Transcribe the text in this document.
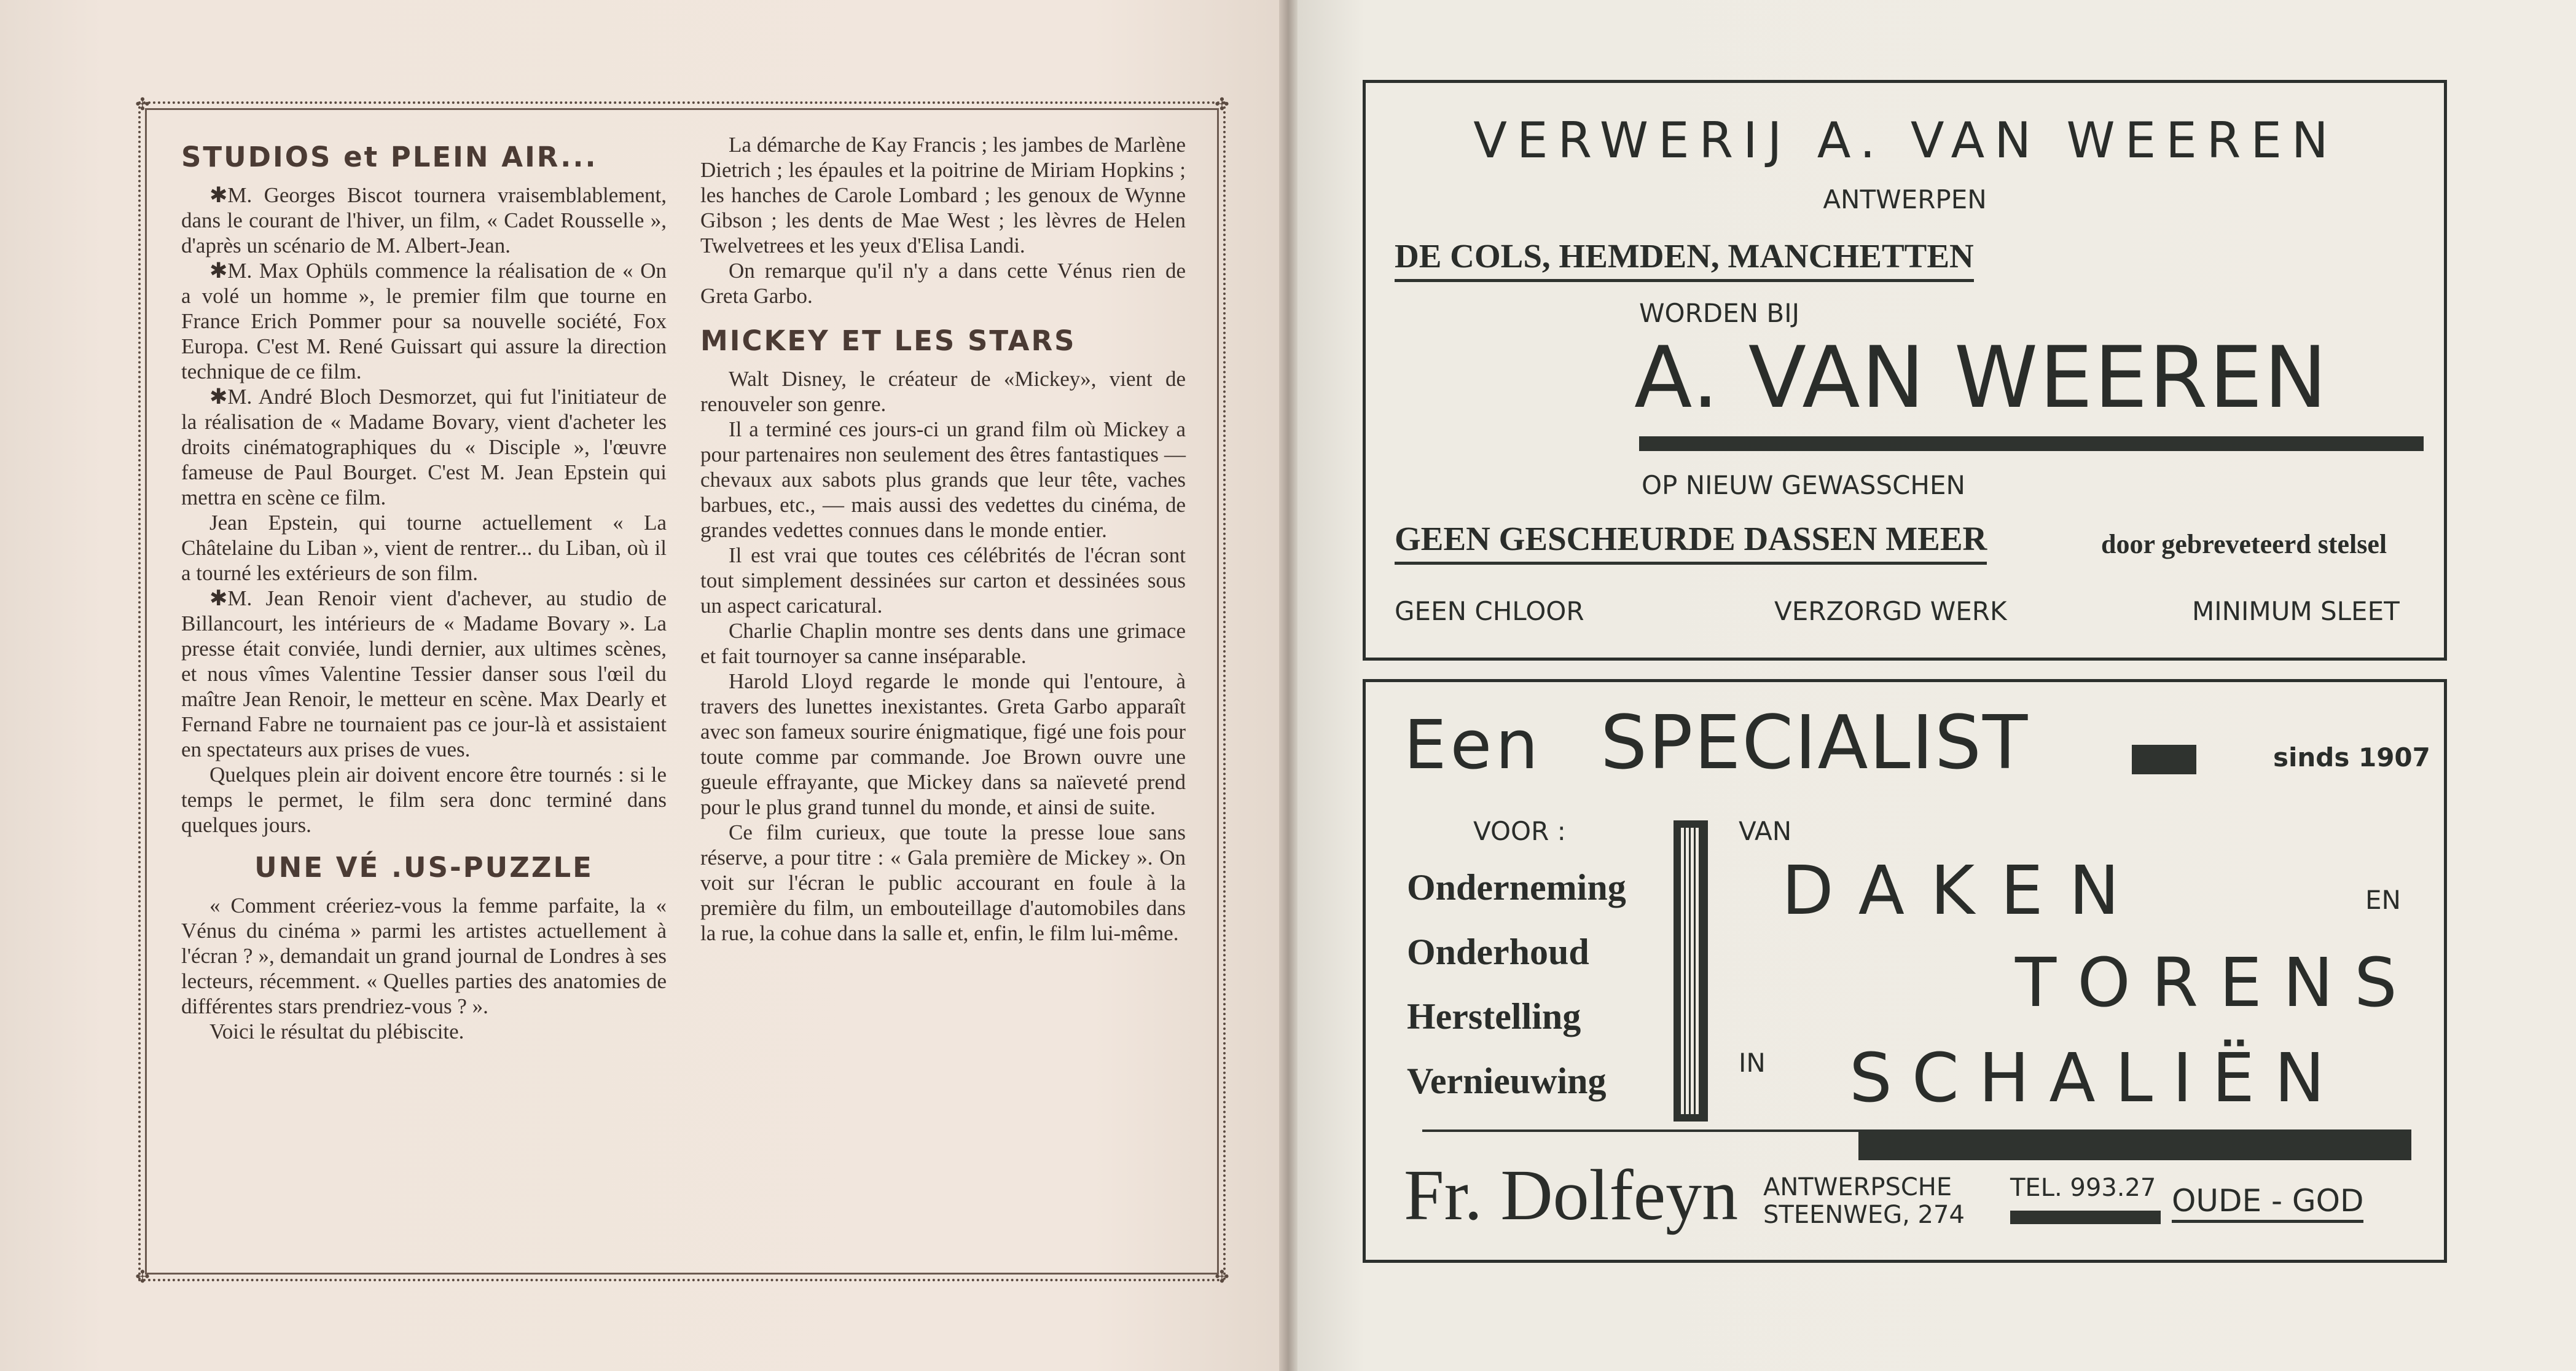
✣	✣
✣	✣
STUDIOS et PLEIN AIR...

✱M. Georges Biscot tournera vraisemblablement, dans le courant de l'hiver, un film, « Cadet Rousselle », d'après un scénario de M. Albert-Jean.

✱M. Max Ophüls commence la réalisation de « On a volé un homme », le premier film que tourne en France Erich Pommer pour sa nouvelle société, Fox Europa. C'est M. René Guissart qui assure la direction technique de ce film.

✱M. André Bloch Desmorzet, qui fut l'initiateur de la réalisation de « Madame Bovary, vient d'acheter les droits cinématographiques du « Disciple », l'œuvre fameuse de Paul Bourget. C'est M. Jean Epstein qui mettra en scène ce film.

Jean Epstein, qui tourne actuellement « La Châtelaine du Liban », vient de rentrer... du Liban, où il a tourné les extérieurs de son film.

✱M. Jean Renoir vient d'achever, au studio de Billancourt, les intérieurs de « Madame Bovary ». La presse était conviée, lundi dernier, aux ultimes scènes, et nous vîmes Valentine Tessier danser sous l'œil du maître Jean Renoir, le metteur en scène. Max Dearly et Fernand Fabre ne tournaient pas ce jour-là et assistaient en spectateurs aux prises de vues.

Quelques plein air doivent encore être tournés : si le temps le permet, le film sera donc terminé dans quelques jours.

UNE VÉ .US-PUZZLE

« Comment créeriez-vous la femme parfaite, la « Vénus du cinéma » parmi les artistes actuellement à l'écran ? », demandait un grand journal de Londres à ses lecteurs, récemment. « Quelles parties des anatomies de différentes stars prendriez-vous ? ».

Voici le résultat du plébiscite.

La démarche de Kay Francis ; les jambes de Marlène Dietrich ; les épaules et la poitrine de Miriam Hopkins ; les hanches de Carole Lombard ; les genoux de Wynne Gibson ; les dents de Mae West ; les lèvres de Helen Twelvetrees et les yeux d'Elisa Landi.

On remarque qu'il n'y a dans cette Vénus rien de Greta Garbo.

MICKEY ET LES STARS

Walt Disney, le créateur de «Mickey», vient de renouveler son genre.

Il a terminé ces jours-ci un grand film où Mickey a pour partenaires non seulement des êtres fantastiques — chevaux aux sabots plus grands que leur tête, vaches barbues, etc., — mais aussi des vedettes du cinéma, de grandes vedettes connues dans le monde entier.

Il est vrai que toutes ces célébrités de l'écran sont tout simplement dessinées sur carton et dessinées sous un aspect caricatural.

Charlie Chaplin montre ses dents dans une grimace et fait tournoyer sa canne inséparable.

Harold Lloyd regarde le monde qui l'entoure, à travers des lunettes inexistantes. Greta Garbo apparaît avec son fameux sourire énigmatique, figé une fois pour toute comme par commande. Joe Brown ouvre une gueule effrayante, que Mickey dans sa naïeveté prend pour le plus grand tunnel du monde, et ainsi de suite.

Ce film curieux, que toute la presse loue sans réserve, a pour titre : « Gala première de Mickey ». On voit sur l'écran le public accourant en foule à la première du film, un embouteillage d'automobiles dans la rue, la cohue dans la salle et, enfin, le film lui-même.

VERWERIJ A. VAN WEEREN
ANTWERPEN
DE COLS, HEMDEN, MANCHETTEN
WORDEN BIJ
A. VAN WEEREN
OP NIEUW GEWASSCHEN
GEEN GESCHEURDE DASSEN MEER	door gebreveteerd stelsel
GEEN CHLOOR	VERZORGD WERK	MINIMUM SLEET
Een SPECIALIST	sinds 1907
VOOR :
Onderneming
Onderhoud
Herstelling
Vernieuwing
VAN
IN
DAKEN	EN
TORENS
SCHALIËN
Fr. Dolfeyn ANTWERPSCHE
STEENWEG, 274
TEL. 993.27 OUDE - GOD
